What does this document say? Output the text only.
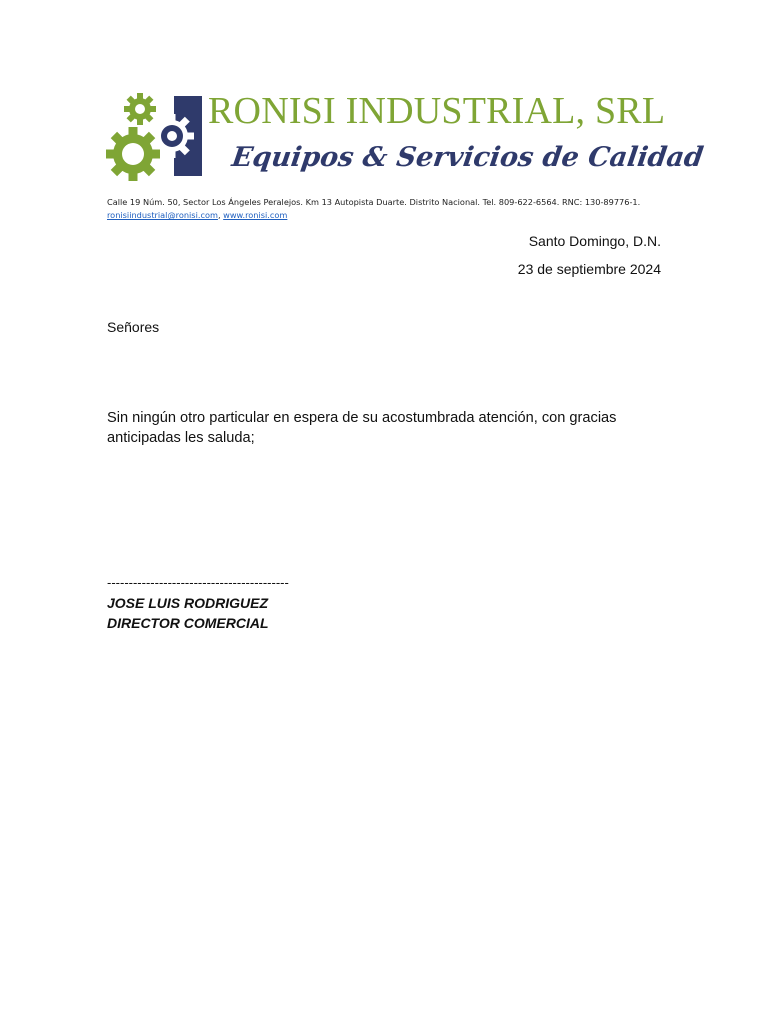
RONISI INDUSTRIAL, SRL
Equipos & Servicios de Calidad
Calle 19 Núm. 50, Sector Los Ángeles Peralejos. Km 13 Autopista Duarte. Distrito Nacional. Tel. 809-622-6564. RNC: 130-89776-1.
ronisiindustrial@ronisi.com, www.ronisi.com
Santo Domingo, D.N.
23 de septiembre 2024
Señores
Sin ningún otro particular en espera de su acostumbrada atención, con gracias anticipadas les saluda;
------------------------------------------
JOSE LUIS RODRIGUEZ
DIRECTOR COMERCIAL
